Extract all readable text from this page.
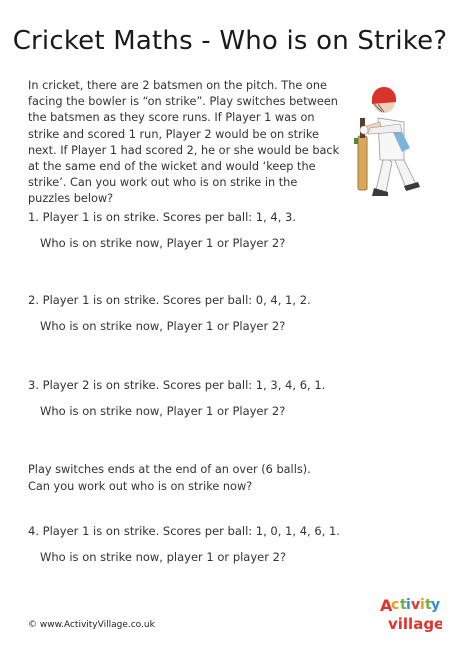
Cricket Maths - Who is on Strike?
In cricket, there are 2 batsmen on the pitch. The one facing the bowler is “on strike”. Play switches between the batsmen as they score runs. If Player 1 was on strike and scored 1 run, Player 2 would be on strike next. If Player 1 had scored 2, he or she would be back at the same end of the wicket and would ‘keep the strike’. Can you work out who is on strike in the puzzles below?
1. Player 1 is on strike. Scores per ball: 1, 4, 3.
Who is on strike now, Player 1 or Player 2?
2. Player 1 is on strike. Scores per ball: 0, 4, 1, 2.
Who is on strike now, Player 1 or Player 2?
3. Player 2 is on strike. Scores per ball: 1, 3, 4, 6, 1.
Who is on strike now, Player 1 or Player 2?
Play switches ends at the end of an over (6 balls). Can you work out who is on strike now?
4. Player 1 is on strike. Scores per ball: 1, 0, 1, 4, 6, 1.
Who is on strike now, player 1 or player 2?
© www.ActivityVillage.co.uk
A
c t i v i t y
village
